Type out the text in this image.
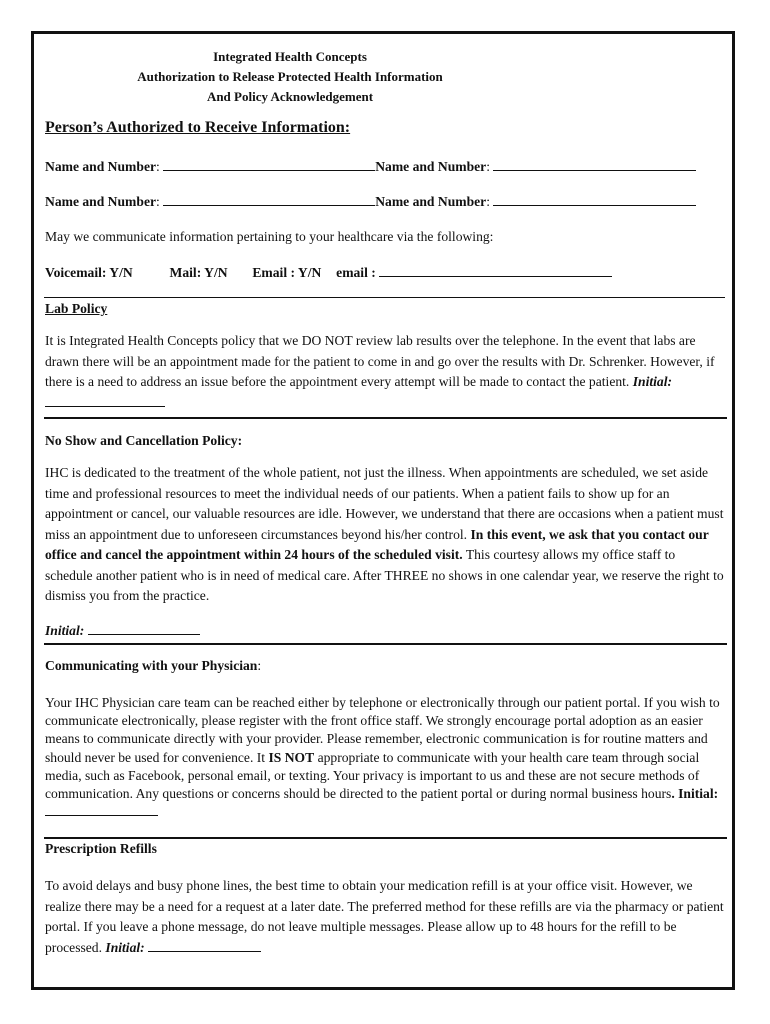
Integrated Health Concepts
Authorization to Release Protected Health Information
And Policy Acknowledgement
Person’s Authorized to Receive Information:
Name and Number:	Name and Number:
Name and Number:	Name and Number:
May we communicate information pertaining to your healthcare via the following:
Voicemail: Y/N	Mail: Y/N Email : Y/N email :
Lab Policy
It is Integrated Health Concepts policy that we DO NOT review lab results over the telephone. In the event that labs are drawn there will be an appointment made for the patient to come in and go over the results with Dr. Schrenker. However, if there is a need to address an issue before the appointment every attempt will be made to contact the patient. Initial:
No Show and Cancellation Policy:
IHC is dedicated to the treatment of the whole patient, not just the illness. When appointments are scheduled, we set aside time and professional resources to meet the individual needs of our patients. When a patient fails to show up for an appointment or cancel, our valuable resources are idle. However, we understand that there are occasions when a patient must miss an appointment due to unforeseen circumstances beyond his/her control. In this event, we ask that you contact our office and cancel the appointment within 24 hours of the scheduled visit. This courtesy allows my office staff to schedule another patient who is in need of medical care. After THREE no shows in one calendar year, we reserve the right to dismiss you from the practice.
Initial:
Communicating with your Physician:
Your IHC Physician care team can be reached either by telephone or electronically through our patient portal. If you wish to communicate electronically, please register with the front office staff. We strongly encourage portal adoption as an easier means to communicate directly with your provider. Please remember, electronic communication is for routine matters and should never be used for convenience. It IS NOT appropriate to communicate with your health care team through social media, such as Facebook, personal email, or texting. Your privacy is important to us and these are not secure methods of communication. Any questions or concerns should be directed to the patient portal or during normal business hours. Initial:
Prescription Refills
To avoid delays and busy phone lines, the best time to obtain your medication refill is at your office visit. However, we realize there may be a need for a request at a later date. The preferred method for these refills are via the pharmacy or patient portal. If you leave a phone message, do not leave multiple messages. Please allow up to 48 hours for the refill to be processed. Initial:
